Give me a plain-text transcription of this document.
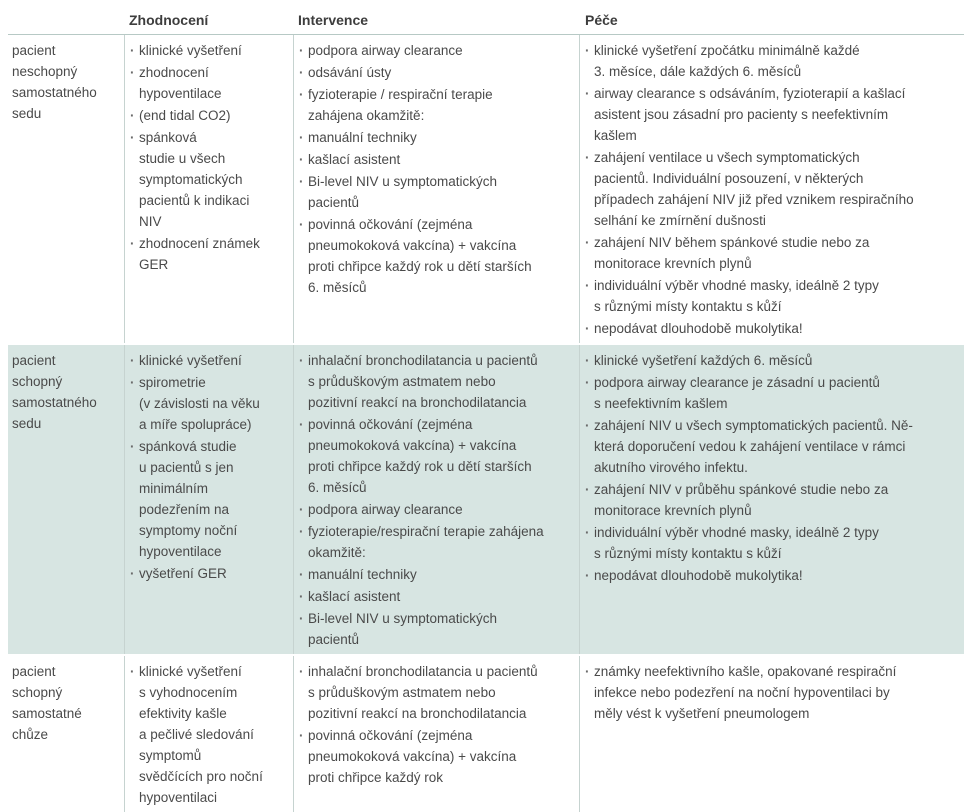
Zhodnocení	Intervence	Péče
pacient
neschopný
samostatného
sedu
· klinické vyšetření
· zhodnocení
hypoventilace
· (end tidal CO2)
· spánková
studie u všech
symptomatických
pacientů k indikaci
NIV
· zhodnocení známek
GER
· podpora airway clearance
· odsávání ústy
· fyzioterapie / respirační terapie
zahájena okamžitě:
· manuální techniky
· kašlací asistent
· Bi-level NIV u symptomatických
pacientů
· povinná očkování (zejména
pneumokoková vakcína) + vakcína
proti chřipce každý rok u dětí starších
6. měsíců
· klinické vyšetření zpočátku minimálně každé
3. měsíce, dále každých 6. měsíců
· airway clearance s odsáváním, fyzioterapií a kašlací
asistent jsou zásadní pro pacienty s neefektivním
kašlem
· zahájení ventilace u všech symptomatických
pacientů. Individuální posouzení, v některých
případech zahájení NIV již před vznikem respiračního
selhání ke zmírnění dušnosti
· zahájení NIV během spánkové studie nebo za
monitorace krevních plynů
· individuální výběr vhodné masky, ideálně 2 typy
s různými místy kontaktu s kůží
· nepodávat dlouhodobě mukolytika!
pacient
schopný
samostatného
sedu
· klinické vyšetření
· spirometrie
(v závislosti na věku
a míře spolupráce)
· spánková studie
u pacientů s jen
minimálním
podezřením na
symptomy noční
hypoventilace
· vyšetření GER
· inhalační bronchodilatancia u pacientů
s průduškovým astmatem nebo
pozitivní reakcí na bronchodilatancia
· povinná očkování (zejména
pneumokoková vakcína) + vakcína
proti chřipce každý rok u dětí starších
6. měsíců
· podpora airway clearance
· fyzioterapie/respirační terapie zahájena
okamžitě:
· manuální techniky
· kašlací asistent
· Bi-level NIV u symptomatických
pacientů
· klinické vyšetření každých 6. měsíců
· podpora airway clearance je zásadní u pacientů
s neefektivním kašlem
· zahájení NIV u všech symptomatických pacientů. Ně-
která doporučení vedou k zahájení ventilace v rámci
akutního virového infektu.
· zahájení NIV v průběhu spánkové studie nebo za
monitorace krevních plynů
· individuální výběr vhodné masky, ideálně 2 typy
s různými místy kontaktu s kůží
· nepodávat dlouhodobě mukolytika!
pacient
schopný
samostatné
chůze
· klinické vyšetření
s vyhodnocením
efektivity kašle
a pečlivé sledování
symptomů
svědčících pro noční
hypoventilaci
· inhalační bronchodilatancia u pacientů
s průduškovým astmatem nebo
pozitivní reakcí na bronchodilatancia
· povinná očkování (zejména
pneumokoková vakcína) + vakcína
proti chřipce každý rok
· známky neefektivního kašle, opakované respirační
infekce nebo podezření na noční hypoventilaci by
měly vést k vyšetření pneumologem
